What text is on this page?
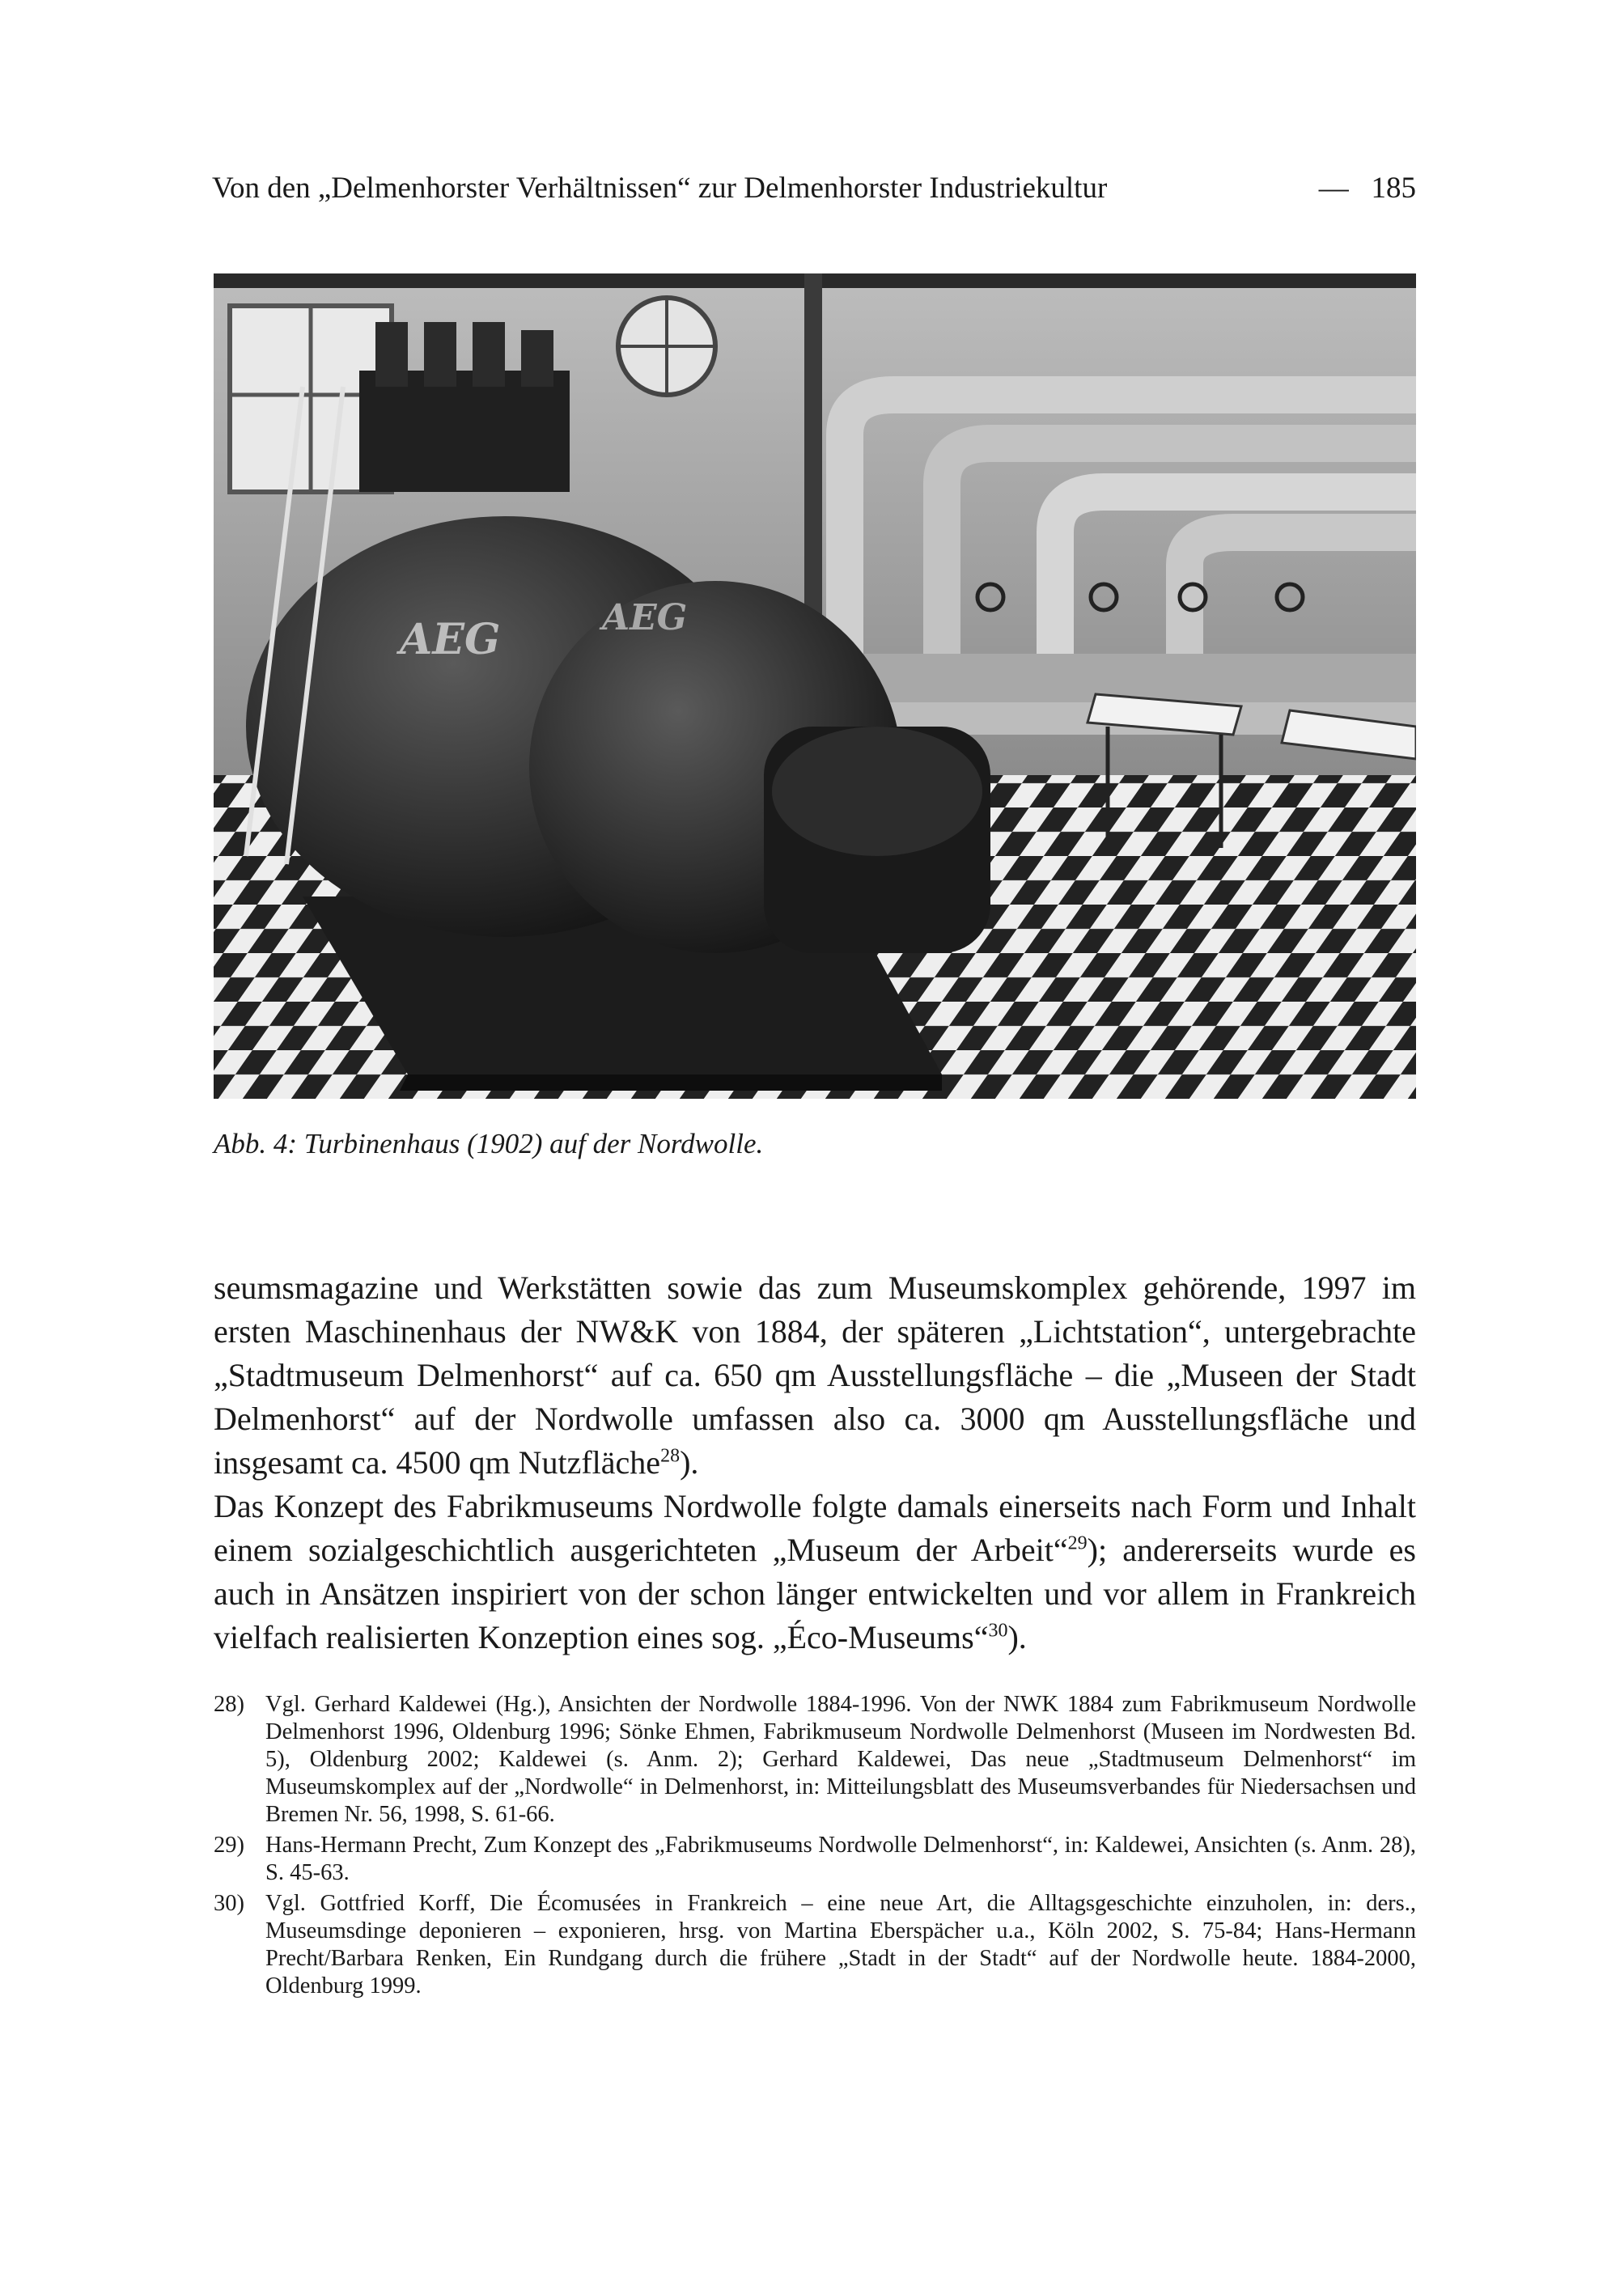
Von den „Delmenhorster Verhältnissen“ zur Delmenhorster Industriekultur	— 185
AEG	AEG
Abb. 4: Turbinenhaus (1902) auf der Nordwolle.

seumsmagazine und Werkstätten sowie das zum Museumskomplex gehörende, 1997 im ersten Maschinenhaus der NW&K von 1884, der späteren „Lichtstation“, untergebrachte „Stadtmuseum Delmenhorst“ auf ca. 650 qm Ausstellungsfläche – die „Museen der Stadt Delmenhorst“ auf der Nordwolle umfassen also ca. 3000 qm Ausstellungsfläche und insgesamt ca. 4500 qm Nutzfläche$^{28}$).

Das Konzept des Fabrikmuseums Nordwolle folgte damals einerseits nach Form und Inhalt einem sozialgeschichtlich ausgerichteten „Museum der Arbeit“$^{29}$); andererseits wurde es auch in Ansätzen inspiriert von der schon länger entwickelten und vor allem in Frankreich vielfach realisierten Konzeption eines sog. „Éco-Museums“$^{30}$).

28) Vgl. Gerhard Kaldewei (Hg.), Ansichten der Nordwolle 1884-1996. Von der NWK 1884 zum Fabrikmuseum Nordwolle Delmenhorst 1996, Oldenburg 1996; Sönke Ehmen, Fabrikmuseum Nordwolle Delmenhorst (Museen im Nordwesten Bd. 5), Oldenburg 2002; Kaldewei (s. Anm. 2); Gerhard Kaldewei, Das neue „Stadtmuseum Delmenhorst“ im Museumskomplex auf der „Nordwolle“ in Delmenhorst, in: Mitteilungsblatt des Museumsverbandes für Niedersachsen und Bremen Nr. 56, 1998, S. 61-66.
29) Hans-Hermann Precht, Zum Konzept des „Fabrikmuseums Nordwolle Delmenhorst“, in: Kaldewei, Ansichten (s. Anm. 28), S. 45-63.
30) Vgl. Gottfried Korff, Die Écomusées in Frankreich – eine neue Art, die Alltagsgeschichte einzuholen, in: ders., Museumsdinge deponieren – exponieren, hrsg. von Martina Eberspächer u.a., Köln 2002, S. 75-84; Hans-Hermann Precht/Barbara Renken, Ein Rundgang durch die frühere „Stadt in der Stadt“ auf der Nordwolle heute. 1884-2000, Oldenburg 1999.
